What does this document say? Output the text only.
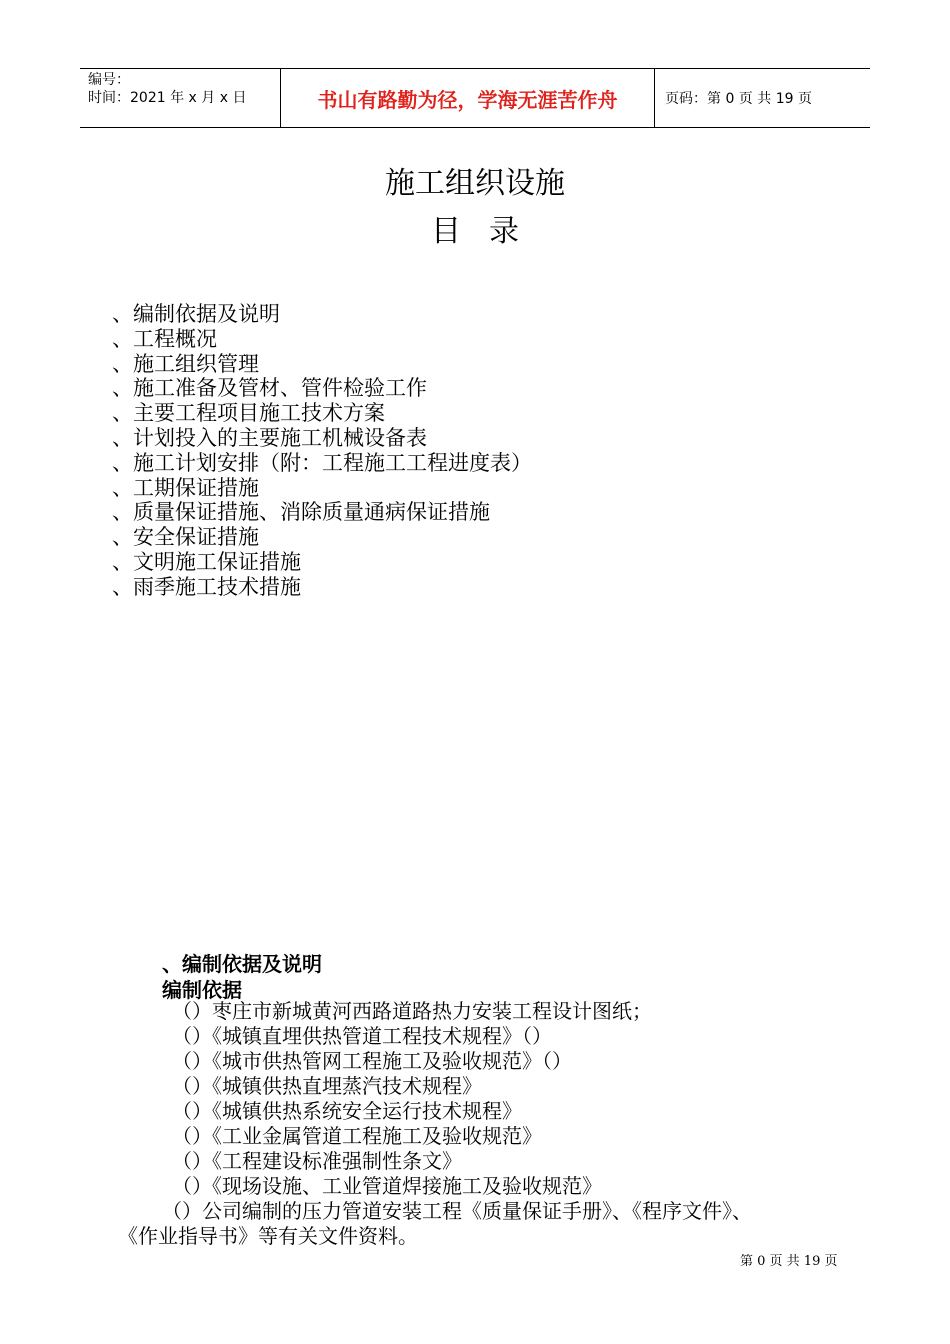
编号：
时间：2021 年 x 月 x 日	书山有路勤为径，学海无涯苦作舟	页码：第 0 页 共 19 页
施工组织设施
目录
、编制依据及说明
、工程概况
、施工组织管理
、施工准备及管材、管件检验工作
、主要工程项目施工技术方案
、计划投入的主要施工机械设备表
、施工计划安排（附：工程施工工程进度表）
、工期保证措施
、质量保证措施、消除质量通病保证措施
、安全保证措施
、文明施工保证措施
、雨季施工技术措施
、编制依据及说明
编制依据
（）枣庄市新城黄河西路道路热力安装工程设计图纸；
（）《城镇直埋供热管道工程技术规程》（）
（）《城市供热管网工程施工及验收规范》（）
（）《城镇供热直埋蒸汽技术规程》
（）《城镇供热系统安全运行技术规程》
（）《工业金属管道工程施工及验收规范》
（）《工程建设标准强制性条文》
（）《现场设施、工业管道焊接施工及验收规范》
（）公司编制的压力管道安装工程《质量保证手册》、《程序文件》、
《作业指导书》等有关文件资料。
第 0 页 共 19 页
